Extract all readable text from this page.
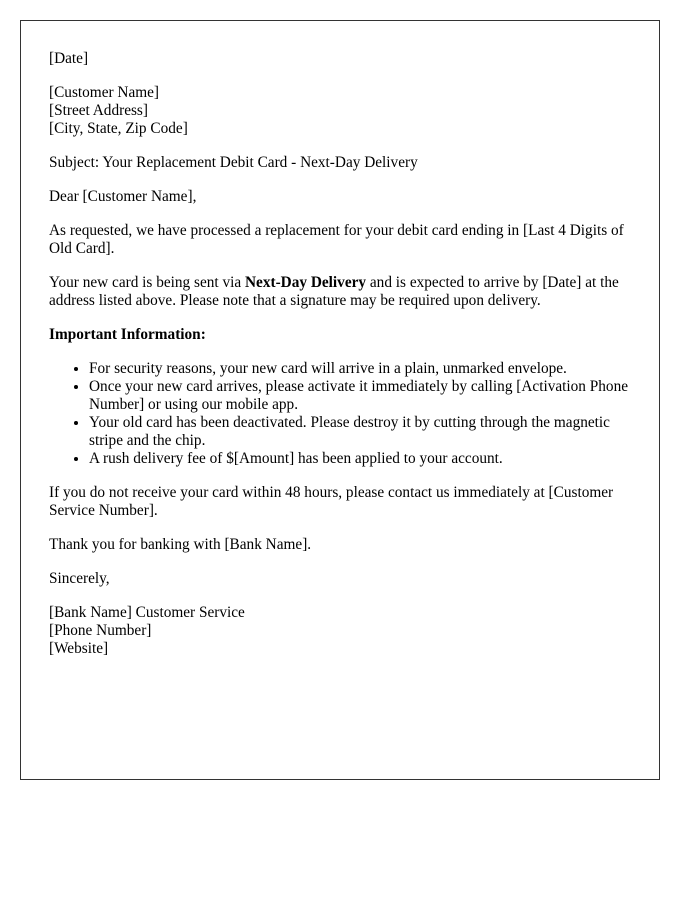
[Date]

[Customer Name]
[Street Address]
[City, State, Zip Code]

Subject: Your Replacement Debit Card - Next-Day Delivery

Dear [Customer Name],

As requested, we have processed a replacement for your debit card ending in [Last 4 Digits of Old Card].

Your new card is being sent via Next-Day Delivery and is expected to arrive by [Date] at the address listed above. Please note that a signature may be required upon delivery.

Important Information:

• For security reasons, your new card will arrive in a plain, unmarked envelope.
• Once your new card arrives, please activate it immediately by calling [Activation Phone Number] or using our mobile app.
• Your old card has been deactivated. Please destroy it by cutting through the magnetic stripe and the chip.
• A rush delivery fee of $[Amount] has been applied to your account.

If you do not receive your card within 48 hours, please contact us immediately at [Customer Service Number].

Thank you for banking with [Bank Name].

Sincerely,

[Bank Name] Customer Service
[Phone Number]
[Website]
